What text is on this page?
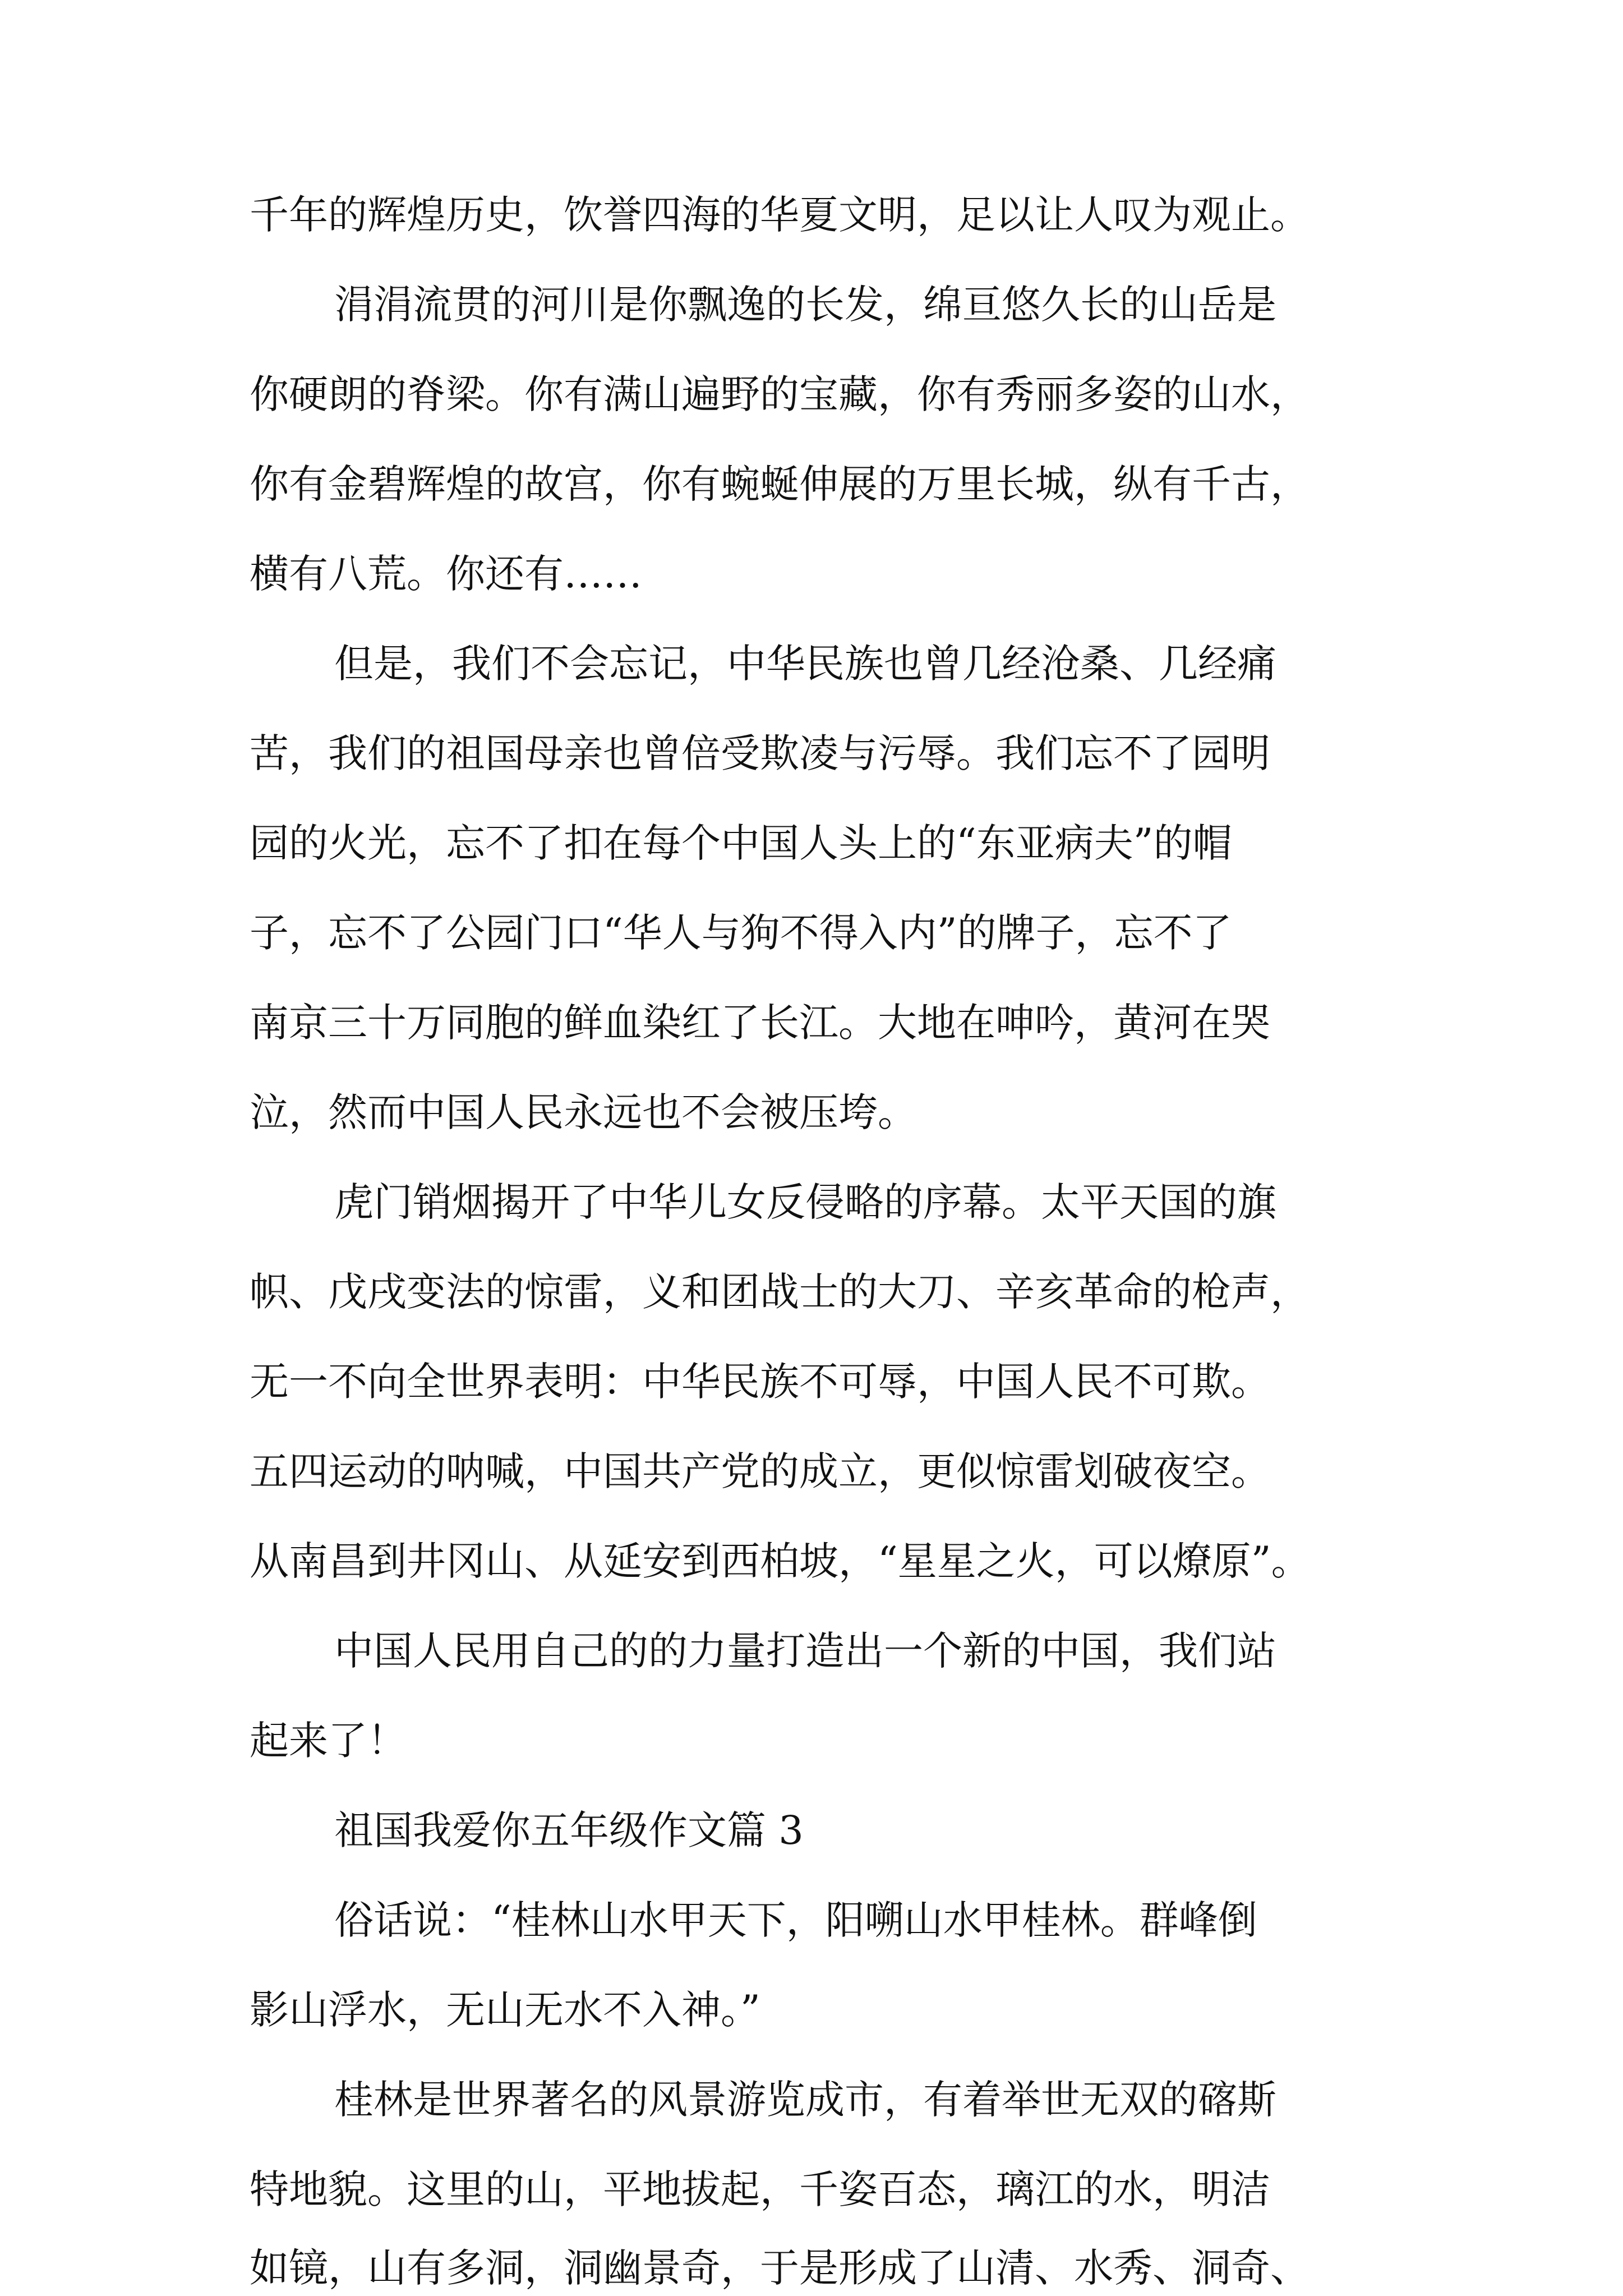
千年的辉煌历史，饮誉四海的华夏文明，足以让人叹为观止。
涓涓流贯的河川是你飘逸的长发，绵亘悠久长的山岳是
你硬朗的脊梁。你有满山遍野的宝藏，你有秀丽多姿的山水，
你有金碧辉煌的故宫，你有蜿蜒伸展的万里长城，纵有千古，
横有八荒。你还有……
但是，我们不会忘记，中华民族也曾几经沧桑、几经痛
苦，我们的祖国母亲也曾倍受欺凌与污辱。我们忘不了园明
园的火光，忘不了扣在每个中国人头上的“东亚病夫”的帽
子，忘不了公园门口“华人与狗不得入内”的牌子，忘不了
南京三十万同胞的鲜血染红了长江。大地在呻吟，黄河在哭
泣，然而中国人民永远也不会被压垮。
虎门销烟揭开了中华儿女反侵略的序幕。太平天国的旗
帜、戊戌变法的惊雷，义和团战士的大刀、辛亥革命的枪声，
无一不向全世界表明：中华民族不可辱，中国人民不可欺。
五四运动的呐喊，中国共产党的成立，更似惊雷划破夜空。
从南昌到井冈山、从延安到西柏坡，“星星之火，可以燎原”。
中国人民用自己的的力量打造出一个新的中国，我们站
起来了！
祖国我爱你五年级作文篇 3
俗话说：“桂林山水甲天下，阳嗍山水甲桂林。群峰倒
影山浮水，无山无水不入神。”
桂林是世界著名的风景游览成市，有着举世无双的碦斯
特地貌。这里的山，平地拔起，千姿百态，璃江的水，明洁
如镜，山有多洞，洞幽景奇，于是形成了山清、水秀、洞奇、
